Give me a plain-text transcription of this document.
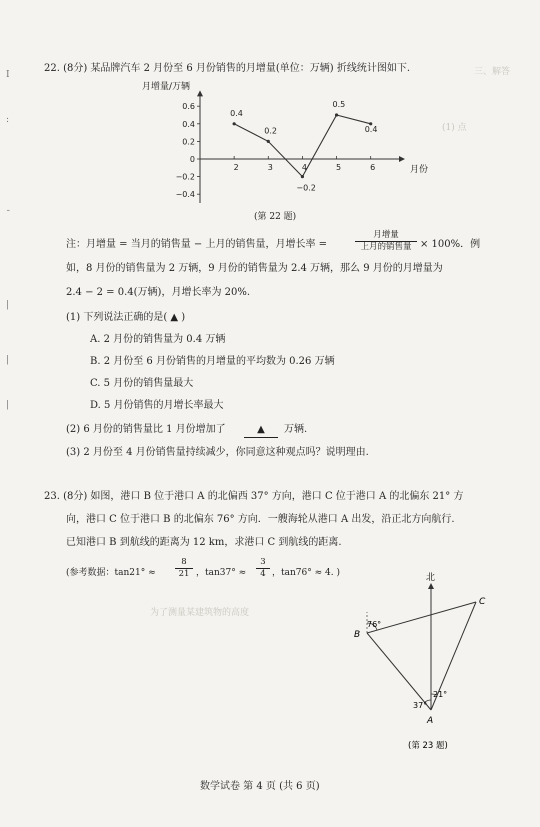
I
:
ˉ
|
|
|
22. (8分) 某品牌汽车 2 月份至 6 月份销售的月增量(单位：万辆) 折线统计图如下.
0.6
0.4
0.2
0
−0.2
−0.4
2	3	4	5	6
0.4
0.2
−0.2
0.5
0.4
月增量/万辆
月份
(第 22 题)
注：月增量 = 当月的销售量 − 上月的销售量，月增长率 =
月增量
上月的销售量 × 100%．例
如，8 月份的销售量为 2 万辆，9 月份的销售量为 2.4 万辆，那么 9 月份的月增量为
2.4 − 2 = 0.4(万辆)，月增长率为 20%.
(1) 下列说法正确的是( ▲ )
A. 2 月份的销售量为 0.4 万辆
B. 2 月份至 6 月份销售的月增量的平均数为 0.26 万辆
C. 5 月份的销售量最大
D. 5 月份销售的月增长率最大
(2) 6 月份的销售量比 1 月份增加了	▲	万辆.
(3) 2 月份至 4 月份销售量持续减少，你同意这种观点吗？说明理由.
23. (8分) 如图，港口 B 位于港口 A 的北偏西 37° 方向，港口 C 位于港口 A 的北偏东 21° 方
向，港口 C 位于港口 B 的北偏东 76° 方向．一艘海轮从港口 A 出发，沿正北方向航行.
已知港口 B 到航线的距离为 12 km，求港口 C 到航线的距离.
(参考数据：$\tan 21^\circ \approx \frac{8}{21}$ ，$\tan 37^\circ \approx \frac{3}{4}$ ，tan76° ≈ 4. )	北
A
B
C
76°
37°
21°
(第 23 题)
三、解答
(1) 点
为了测量某建筑物的高度
数学试卷 第 4 页 (共 6 页)
